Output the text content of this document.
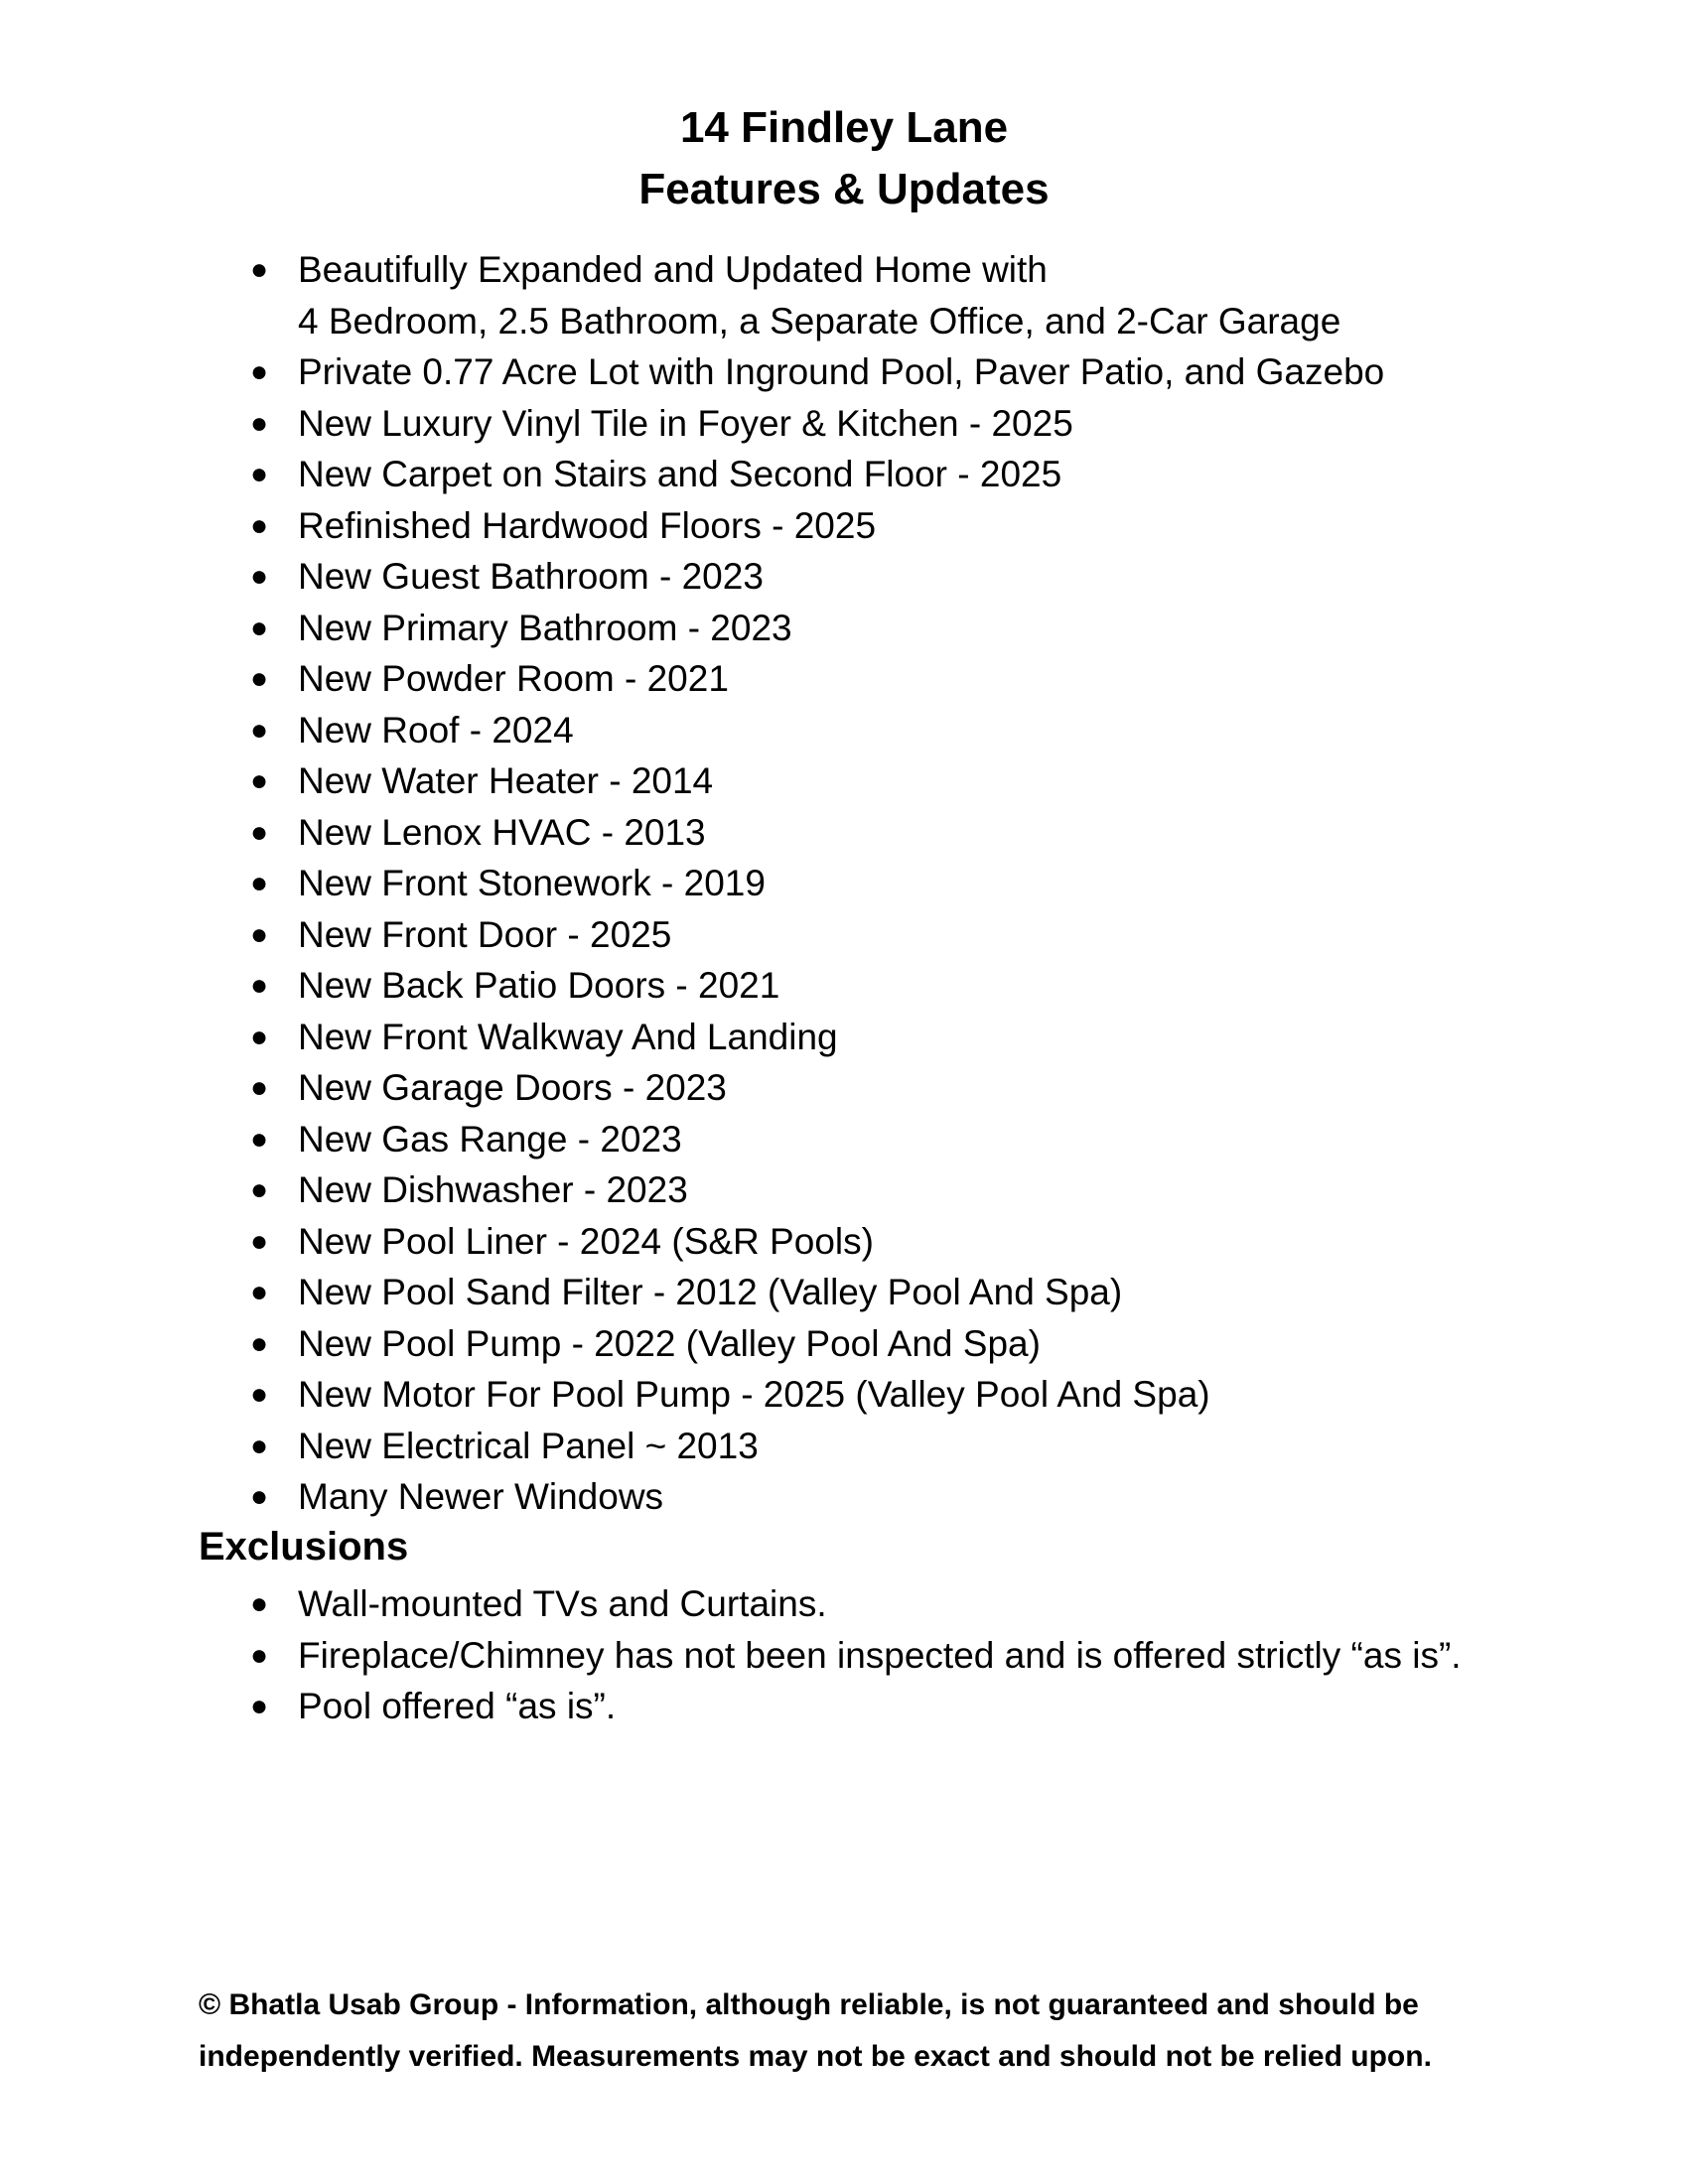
14 Findley Lane
Features & Updates
● Beautifully Expanded and Updated Home with
4 Bedroom, 2.5 Bathroom, a Separate Office, and 2-Car Garage
● Private 0.77 Acre Lot with Inground Pool, Paver Patio, and Gazebo
● New Luxury Vinyl Tile in Foyer & Kitchen - 2025
● New Carpet on Stairs and Second Floor - 2025
● Refinished Hardwood Floors - 2025
● New Guest Bathroom - 2023
● New Primary Bathroom - 2023
● New Powder Room - 2021
● New Roof - 2024
● New Water Heater - 2014
● New Lenox HVAC - 2013
● New Front Stonework - 2019
● New Front Door - 2025
● New Back Patio Doors - 2021
● New Front Walkway And Landing
● New Garage Doors - 2023
● New Gas Range - 2023
● New Dishwasher - 2023
● New Pool Liner - 2024 (S&R Pools)
● New Pool Sand Filter - 2012 (Valley Pool And Spa)
● New Pool Pump - 2022 (Valley Pool And Spa)
● New Motor For Pool Pump - 2025 (Valley Pool And Spa)
● New Electrical Panel ~ 2013
● Many Newer Windows
Exclusions
● Wall-mounted TVs and Curtains.
● Fireplace/Chimney has not been inspected and is offered strictly “as is”.
● Pool offered “as is”.
© Bhatla Usab Group - Information, although reliable, is not guaranteed and should be independently verified. Measurements may not be exact and should not be relied upon.
